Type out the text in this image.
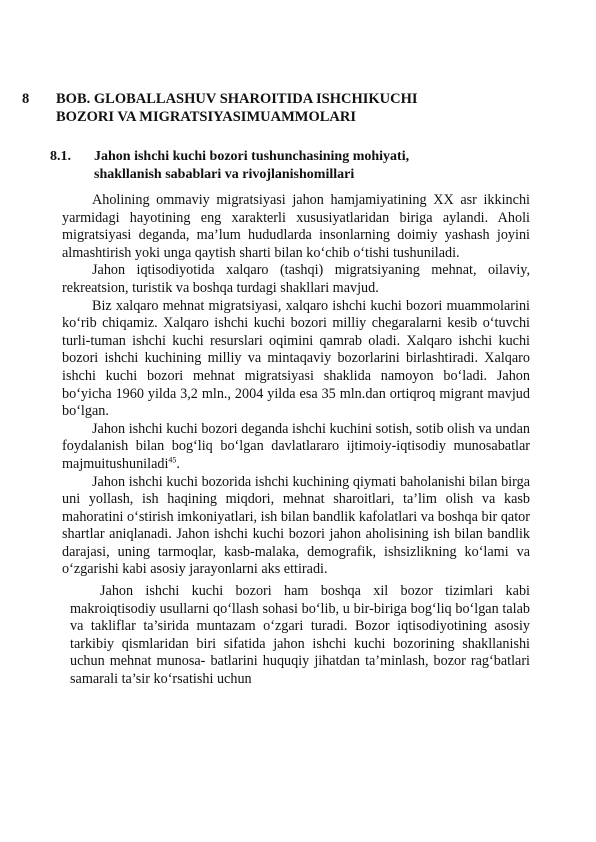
8 BOB. GLOBALLASHUV SHAROITIDA ISHCHIKUCHI
BOZORI VA MIGRATSIYASIMUAMMOLARI
8.1. Jahon ishchi kuchi bozori tushunchasining mohiyati,
shakllanish sabablari va rivojlanishomillari

Aholining ommaviy migratsiyasi jahon hamjamiyatining XX asr ikkinchi yarmidagi hayotining eng xarakterli xususiyatlaridan biriga aylandi. Aholi migratsiyasi deganda, ma’lum hududlarda insonlarning doimiy yashash joyini almashtirish yoki unga qaytish sharti bilan ko‘chib o‘tishi tushuniladi.

Jahon iqtisodiyotida xalqaro (tashqi) migratsiyaning mehnat, oilaviy, rekreatsion, turistik va boshqa turdagi shakllari mavjud.

Biz xalqaro mehnat migratsiyasi, xalqaro ishchi kuchi bozori muammolarini ko‘rib chiqamiz. Xalqaro ishchi kuchi bozori milliy chegaralarni kesib o‘tuvchi turli-tuman ishchi kuchi resurslari oqimini qamrab oladi. Xalqaro ishchi kuchi bozori ishchi kuchining milliy va mintaqaviy bozorlarini birlashtiradi. Xalqaro ishchi kuchi bozori mehnat migratsiyasi shaklida namoyon bo‘ladi. Jahon bo‘yicha 1960 yilda 3,2 mln., 2004 yilda esa 35 mln.dan ortiqroq migrant mavjud bo‘lgan.

Jahon ishchi kuchi bozori deganda ishchi kuchini sotish, sotib olish va undan foydalanish bilan bog‘liq bo‘lgan davlatlararo ijtimoiy-iqtisodiy munosabatlar majmuitushuniladi$^{45}$.

Jahon ishchi kuchi bozorida ishchi kuchining qiymati baholanishi bilan birga uni yollash, ish haqining miqdori, mehnat sharoitlari, ta’lim olish va kasb mahoratini o‘stirish imkoniyatlari, ish bilan bandlik kafolatlari va boshqa bir qator shartlar aniqlanadi. Jahon ishchi kuchi bozori jahon aholisining ish bilan bandlik darajasi, uning tarmoqlar, kasb-malaka, demografik, ishsizlikning ko‘lami va o‘zgarishi kabi asosiy jarayonlarni aks ettiradi.

Jahon ishchi kuchi bozori ham boshqa xil bozor tizimlari kabi makroiqtisodiy usullarni qo‘llash sohasi bo‘lib, u bir-biriga bog‘liq bo‘lgan talab va takliflar ta’sirida muntazam o‘zgari turadi. Bozor iqtisodiyotining asosiy tarkibiy qismlaridan biri sifatida jahon ishchi kuchi bozorining shakllanishi uchun mehnat munosa- batlarini huquqiy jihatdan ta’minlash, bozor rag‘batlari samarali ta’sir ko‘rsatishi uchun
